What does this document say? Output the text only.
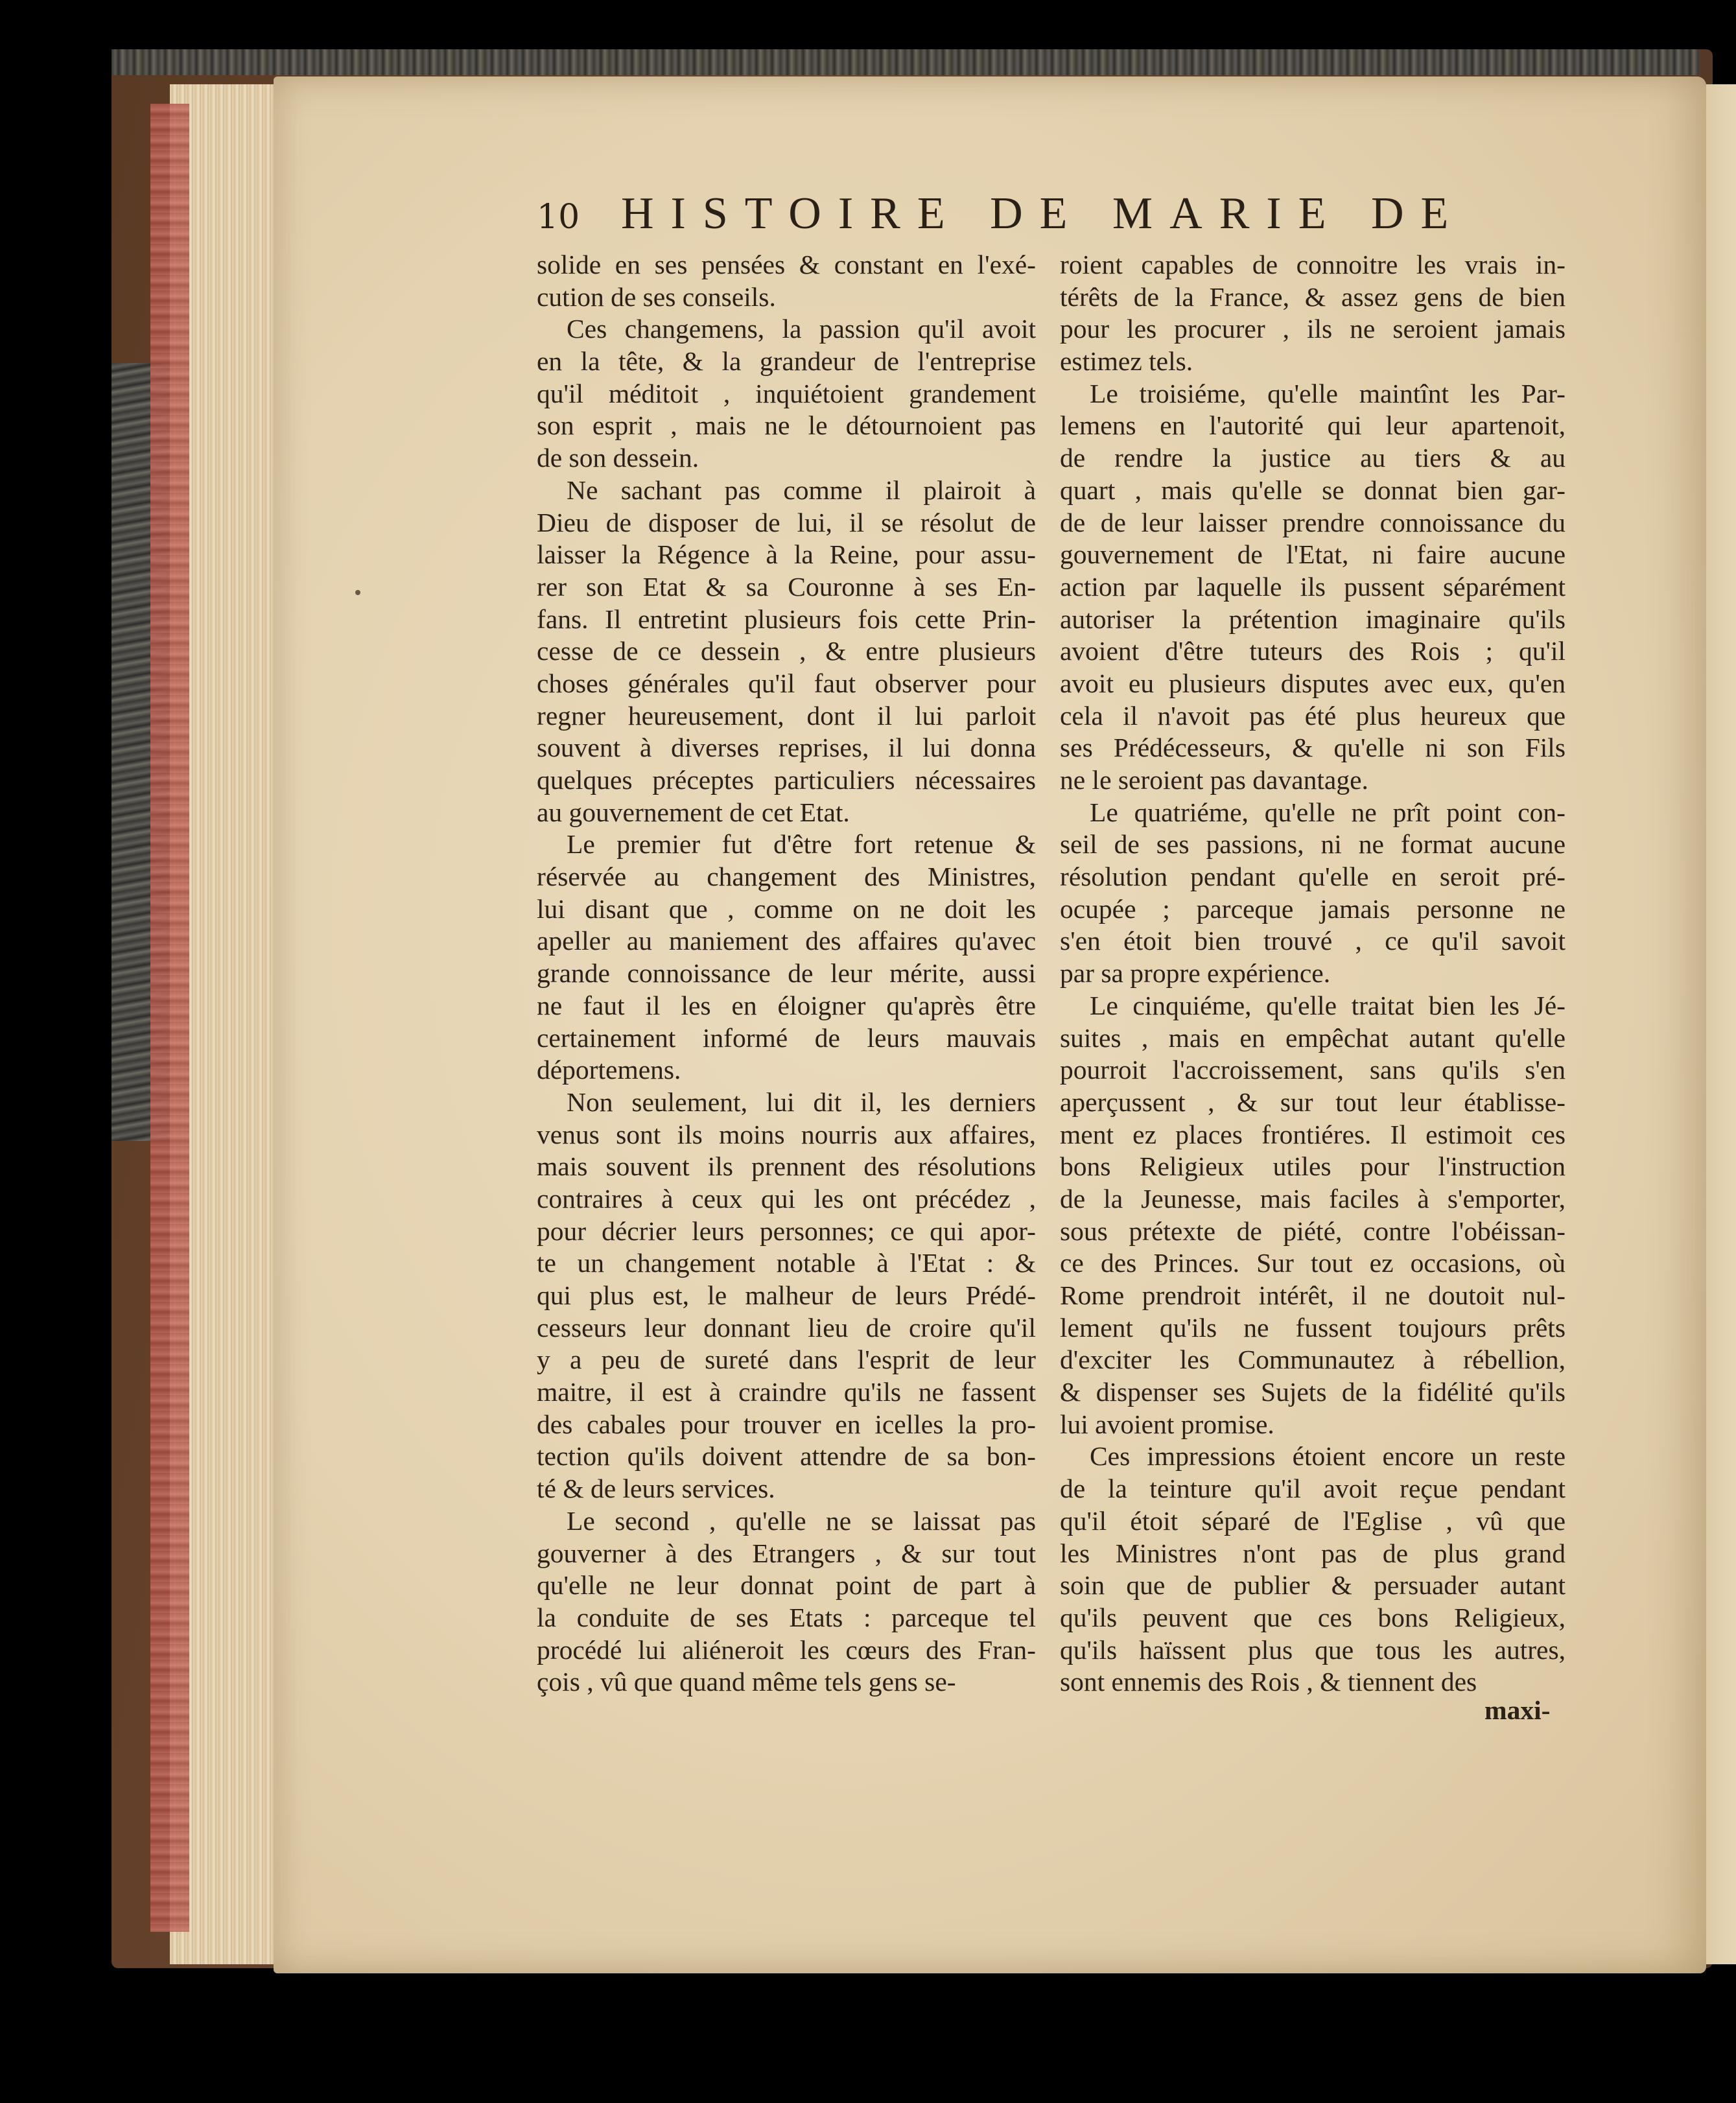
10 HISTOIRE DE MARIE DE
solide en ses pensées & constant en l'exé-
cution de ses conseils.
Ces changemens, la passion qu'il avoit
en la tête, & la grandeur de l'entreprise
qu'il méditoit , inquiétoient grandement
son esprit , mais ne le détournoient pas
de son dessein.
Ne sachant pas comme il plairoit à
Dieu de disposer de lui, il se résolut de
laisser la Régence à la Reine, pour assu-
rer son Etat & sa Couronne à ses En-
fans. Il entretint plusieurs fois cette Prin-
cesse de ce dessein , & entre plusieurs
choses générales qu'il faut observer pour
regner heureusement, dont il lui parloit
souvent à diverses reprises, il lui donna
quelques préceptes particuliers nécessaires
au gouvernement de cet Etat.
Le premier fut d'être fort retenue &
réservée au changement des Ministres,
lui disant que , comme on ne doit les
apeller au maniement des affaires qu'avec
grande connoissance de leur mérite, aussi
ne faut il les en éloigner qu'après être
certainement informé de leurs mauvais
déportemens.
Non seulement, lui dit il, les derniers
venus sont ils moins nourris aux affaires,
mais souvent ils prennent des résolutions
contraires à ceux qui les ont précédez ,
pour décrier leurs personnes; ce qui apor-
te un changement notable à l'Etat : &
qui plus est, le malheur de leurs Prédé-
cesseurs leur donnant lieu de croire qu'il
y a peu de sureté dans l'esprit de leur
maitre, il est à craindre qu'ils ne fassent
des cabales pour trouver en icelles la pro-
tection qu'ils doivent attendre de sa bon-
té & de leurs services.
Le second , qu'elle ne se laissat pas
gouverner à des Etrangers , & sur tout
qu'elle ne leur donnat point de part à
la conduite de ses Etats : parceque tel
procédé lui aliéneroit les cœurs des Fran-
çois , vû que quand même tels gens se-
roient capables de connoitre les vrais in-
térêts de la France, & assez gens de bien
pour les procurer , ils ne seroient jamais
estimez tels.
Le troisiéme, qu'elle maintînt les Par-
lemens en l'autorité qui leur apartenoit,
de rendre la justice au tiers & au
quart , mais qu'elle se donnat bien gar-
de de leur laisser prendre connoissance du
gouvernement de l'Etat, ni faire aucune
action par laquelle ils pussent séparément
autoriser la prétention imaginaire qu'ils
avoient d'être tuteurs des Rois ; qu'il
avoit eu plusieurs disputes avec eux, qu'en
cela il n'avoit pas été plus heureux que
ses Prédécesseurs, & qu'elle ni son Fils
ne le seroient pas davantage.
Le quatriéme, qu'elle ne prît point con-
seil de ses passions, ni ne format aucune
résolution pendant qu'elle en seroit pré-
ocupée ; parceque jamais personne ne
s'en étoit bien trouvé , ce qu'il savoit
par sa propre expérience.
Le cinquiéme, qu'elle traitat bien les Jé-
suites , mais en empêchat autant qu'elle
pourroit l'accroissement, sans qu'ils s'en
aperçussent , & sur tout leur établisse-
ment ez places frontiéres. Il estimoit ces
bons Religieux utiles pour l'instruction
de la Jeunesse, mais faciles à s'emporter,
sous prétexte de piété, contre l'obéissan-
ce des Princes. Sur tout ez occasions, où
Rome prendroit intérêt, il ne doutoit nul-
lement qu'ils ne fussent toujours prêts
d'exciter les Communautez à rébellion,
& dispenser ses Sujets de la fidélité qu'ils
lui avoient promise.
Ces impressions étoient encore un reste
de la teinture qu'il avoit reçue pendant
qu'il étoit séparé de l'Eglise , vû que
les Ministres n'ont pas de plus grand
soin que de publier & persuader autant
qu'ils peuvent que ces bons Religieux,
qu'ils haïssent plus que tous les autres,
sont ennemis des Rois , & tiennent des
maxi-
